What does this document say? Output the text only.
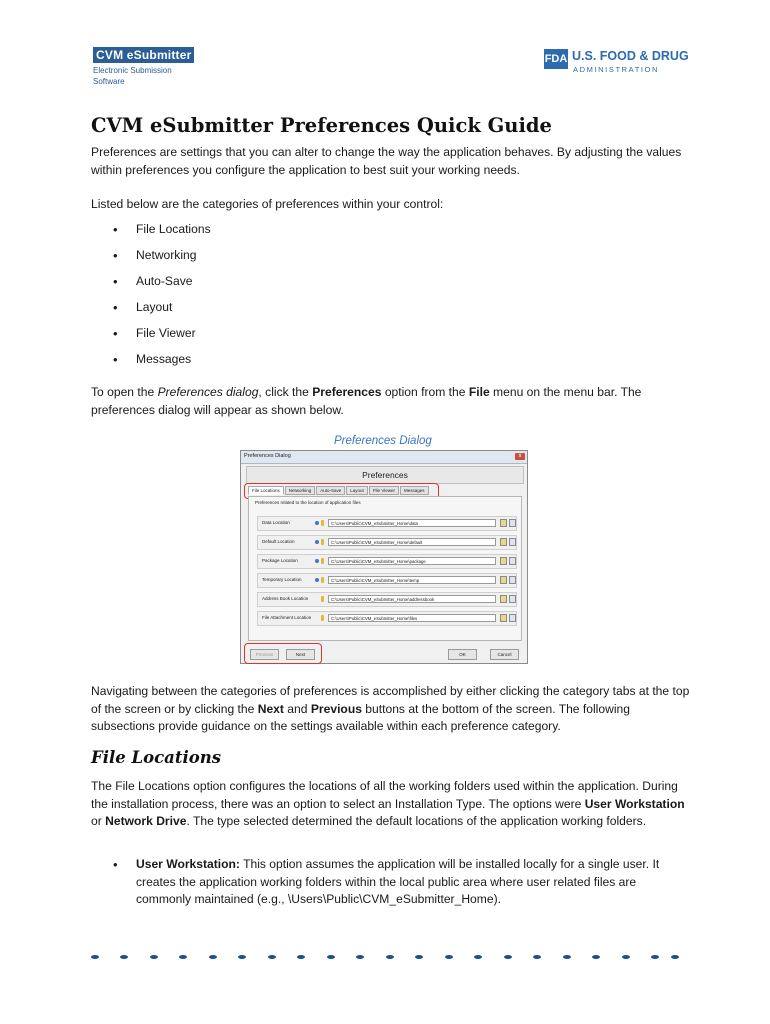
CVM eSubmitter
Electronic Submission Software
FDA U.S. FOOD & DRUG
ADMINISTRATION
CVM eSubmitter Preferences Quick Guide

Preferences are settings that you can alter to change the way the application behaves. By adjusting the values within preferences you configure the application to best suit your working needs.

Listed below are the categories of preferences within your control:

• File Locations
• Networking
• Auto-Save
• Layout
• File Viewer
• Messages

To open the Preferences dialog, click the Preferences option from the File menu on the menu bar. The preferences dialog will appear as shown below.

Preferences Dialog
Preferences Dialog	x
Preferences
File Locations	Networking	Auto-Save	Layout	File Viewer	Messages
Preferences related to the location of application files
Data Location	C:\Users\Public\CVM_eSubmitter_Home\data
Default Location	C:\Users\Public\CVM_eSubmitter_Home\default
Package Location	C:\Users\Public\CVM_eSubmitter_Home\package
Temporary Location	C:\Users\Public\CVM_eSubmitter_Home\temp
Address Book Location	C:\Users\Public\CVM_eSubmitter_Home\addressbook
File Attachment Location	C:\Users\Public\CVM_eSubmitter_Home\files
Previous	Next	OK	Cancel

Navigating between the categories of preferences is accomplished by either clicking the category tabs at the top of the screen or by clicking the Next and Previous buttons at the bottom of the screen. The following subsections provide guidance on the settings available within each preference category.

File Locations

The File Locations option configures the locations of all the working folders used within the application. During the installation process, there was an option to select an Installation Type. The options were User Workstation or Network Drive. The type selected determined the default locations of the application working folders.

•	User Workstation: This option assumes the application will be installed locally for a single user. It creates the application working folders within the local public area where user related files are commonly maintained (e.g., \Users\Public\CVM_eSubmitter_Home).
